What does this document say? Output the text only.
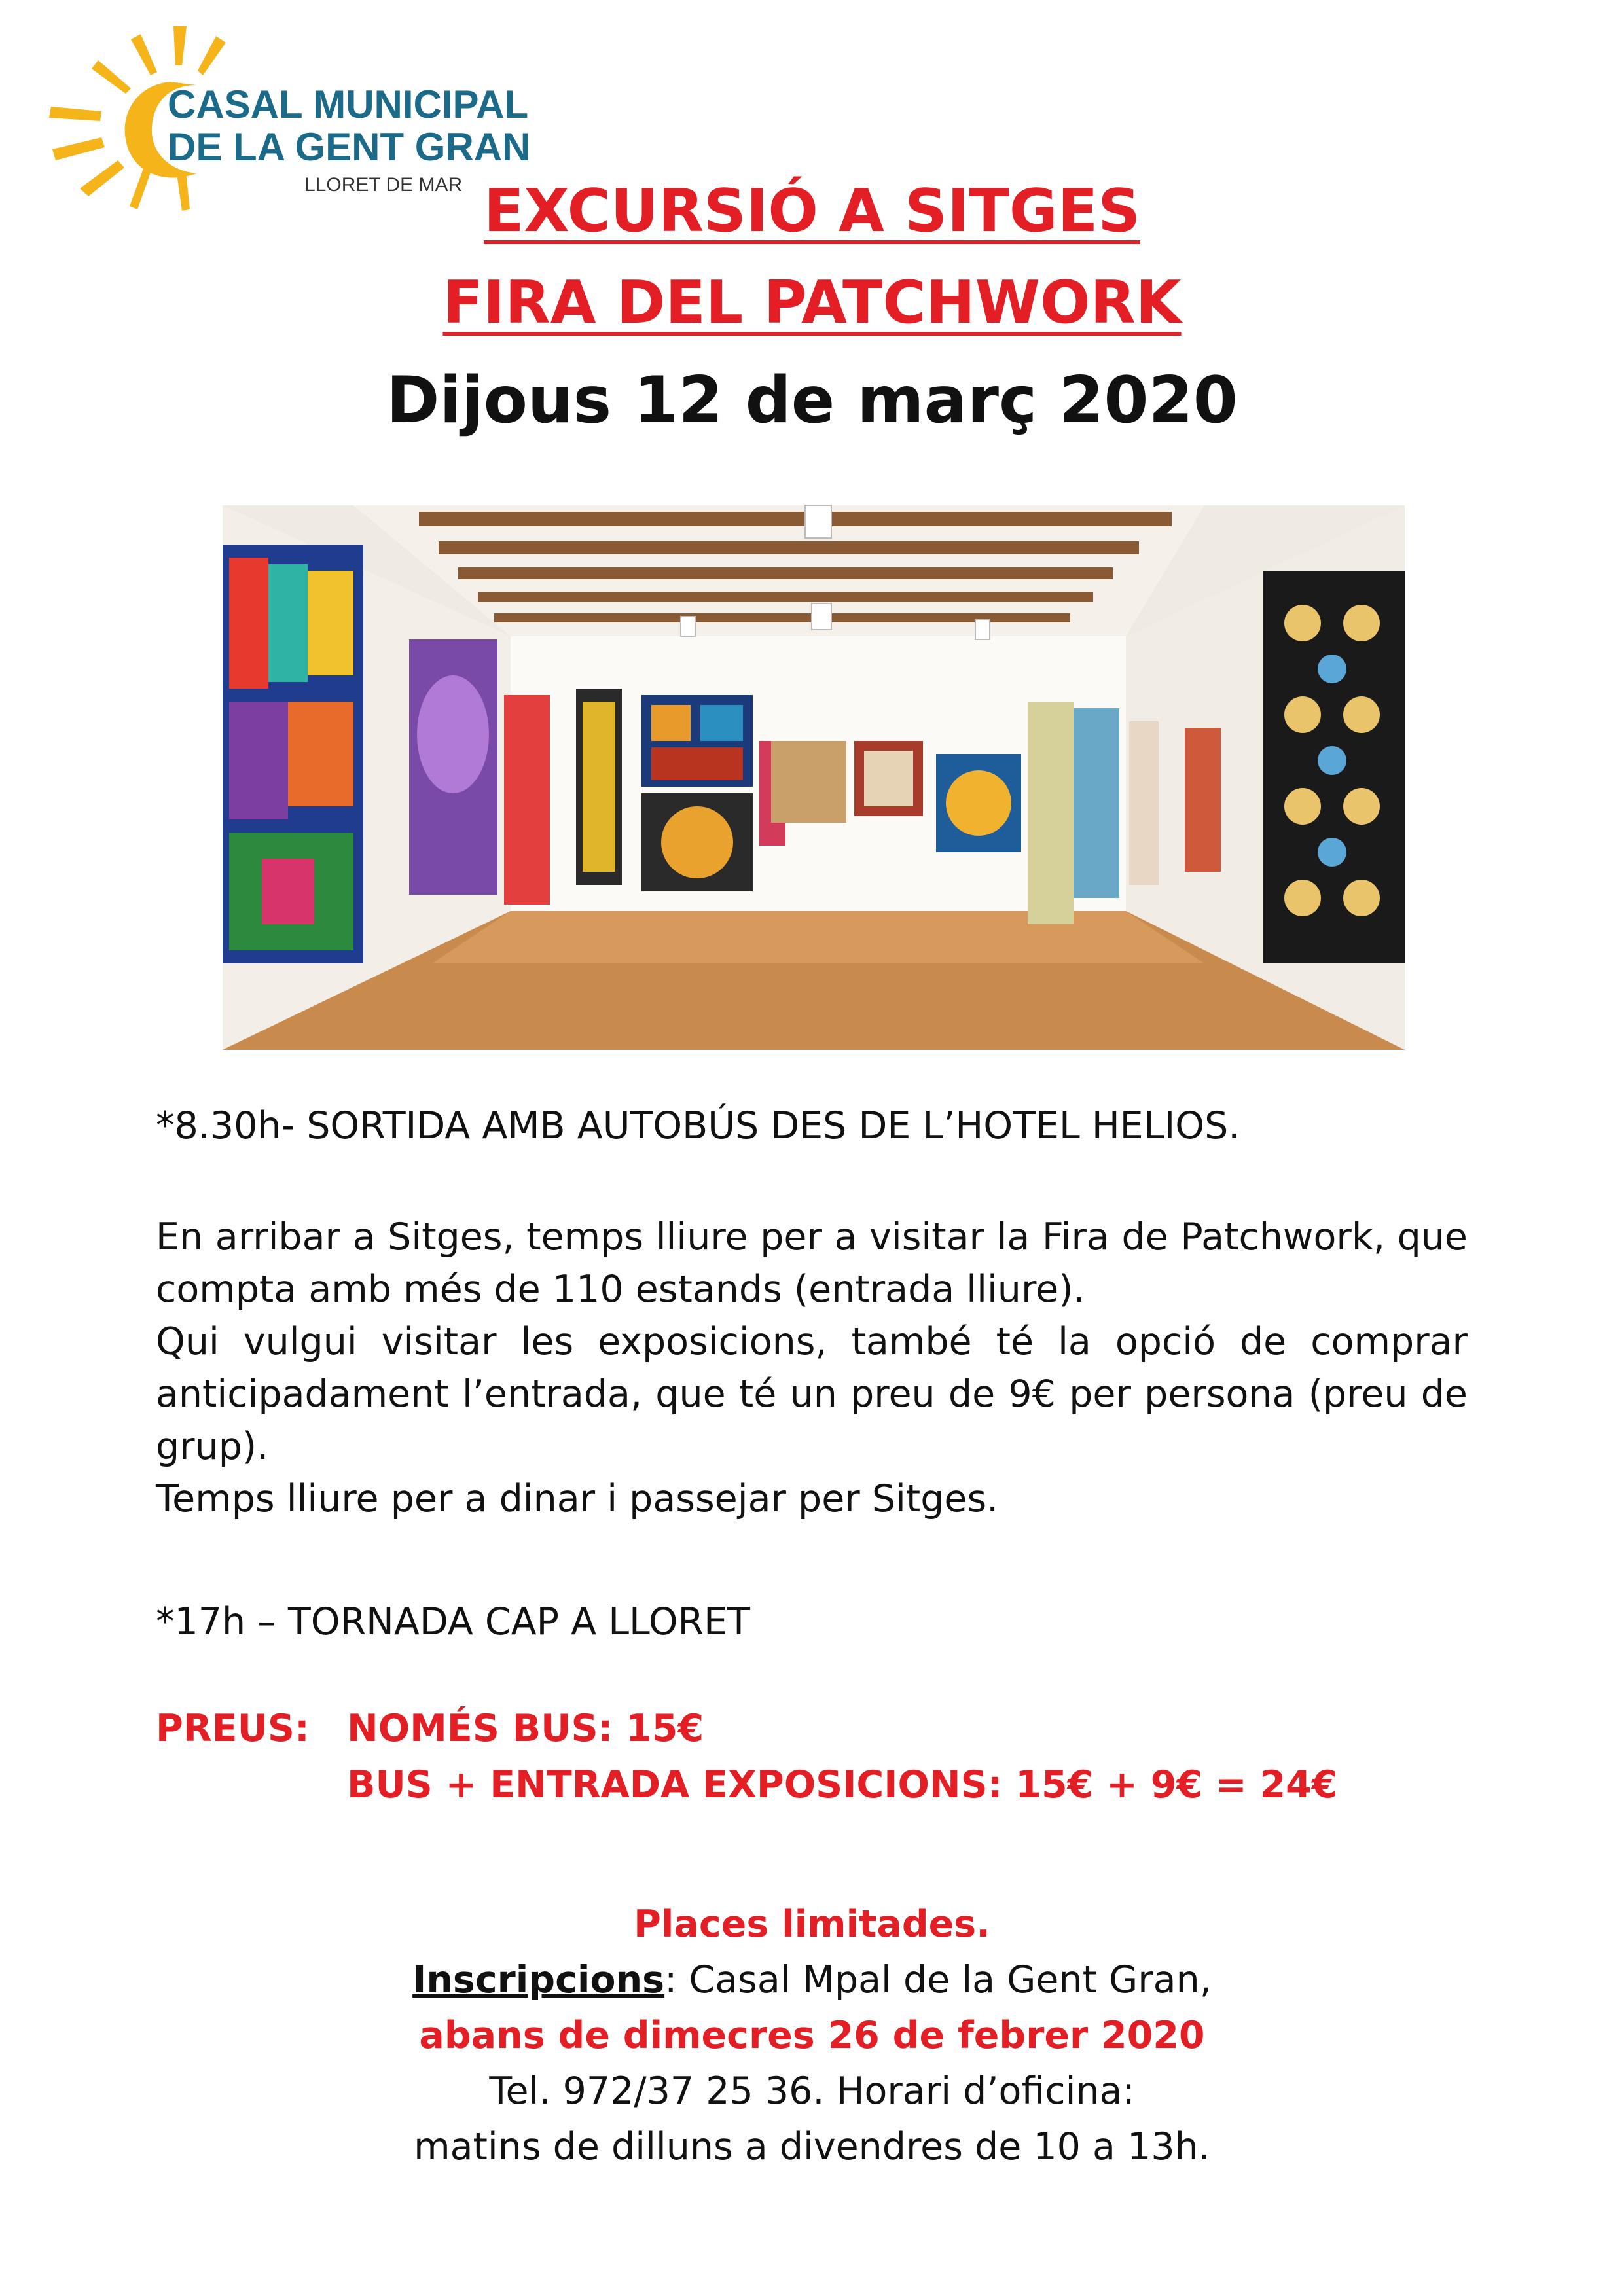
CASAL MUNICIPAL
DE LA GENT GRAN
LLORET DE MAR EXCURSIÓ A SITGES
FIRA DEL PATCHWORK
Dijous 12 de març 2020

*8.30h- SORTIDA AMB AUTOBÚS DES DE L’HOTEL HELIOS.

En arribar a Sitges, temps lliure per a visitar la Fira de Patchwork, que compta amb més de 110 estands (entrada lliure).

Qui vulgui visitar les exposicions, també té la opció de comprar anticipadament l’entrada, que té un preu de 9€ per persona (preu de grup).

Temps lliure per a dinar i passejar per Sitges.

*17h – TORNADA CAP A LLORET

PREUS: NOMÉS BUS: 15€
BUS + ENTRADA EXPOSICIONS: 15€ + 9€ = 24€
Places limitades.
Inscripcions: Casal Mpal de la Gent Gran,
abans de dimecres 26 de febrer 2020
Tel. 972/37 25 36. Horari d’oficina:
matins de dilluns a divendres de 10 a 13h.
